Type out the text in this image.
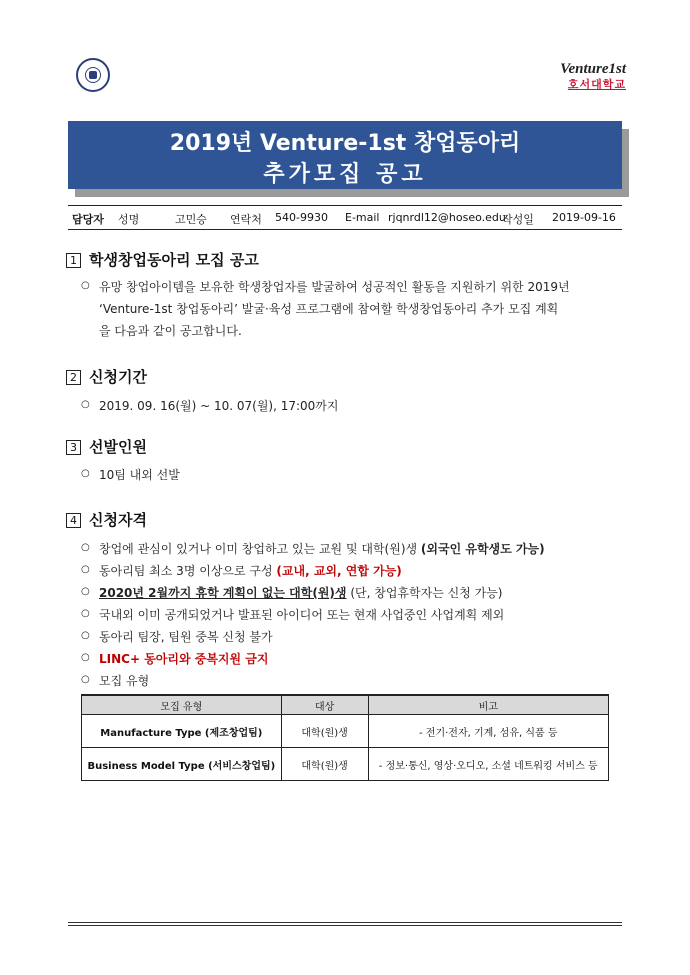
Venture1st
호서대학교
2019년 Venture-1st 창업동아리
추가모집 공고
담당자 성명	고민승 연락처 540-9930 E-mail rjqnrdl12@hoseo.edu
작성일 2019-09-16
1 학생창업동아리 모집 공고
○ 유망 창업아이템을 보유한 학생창업자를 발굴하여 성공적인 활동을 지원하기 위한 2019년
‘Venture-1st 창업동아리’ 발굴·육성 프로그램에 참여할 학생창업동아리 추가 모집 계획
을 다음과 같이 공고합니다.
2 신청기간
○ 2019. 09. 16(월) ~ 10. 07(월), 17:00까지
3 선발인원
○ 10팀 내외 선발
4 신청자격
○ 창업에 관심이 있거나 이미 창업하고 있는 교원 및 대학(원)생 (외국인 유학생도 가능)
○ 동아리팀 최소 3명 이상으로 구성 (교내, 교외, 연합 가능)
○ 2020년 2월까지 휴학 계획이 없는 대학(원)생 (단, 창업휴학자는 신청 가능)
○ 국내외 이미 공개되었거나 발표된 아이디어 또는 현재 사업중인 사업계획 제외
○ 동아리 팀장, 팀원 중복 신청 불가
○ LINC+ 동아리와 중복지원 금지
○ 모집 유형
모집 유형	대상	비고
Manufacture Type (제조창업팀)	대학(원)생	- 전기·전자, 기계, 섬유, 식품 등
Business Model Type (서비스창업팀)	대학(원)생	- 정보·통신, 영상·오디오, 소셜 네트워킹 서비스 등
